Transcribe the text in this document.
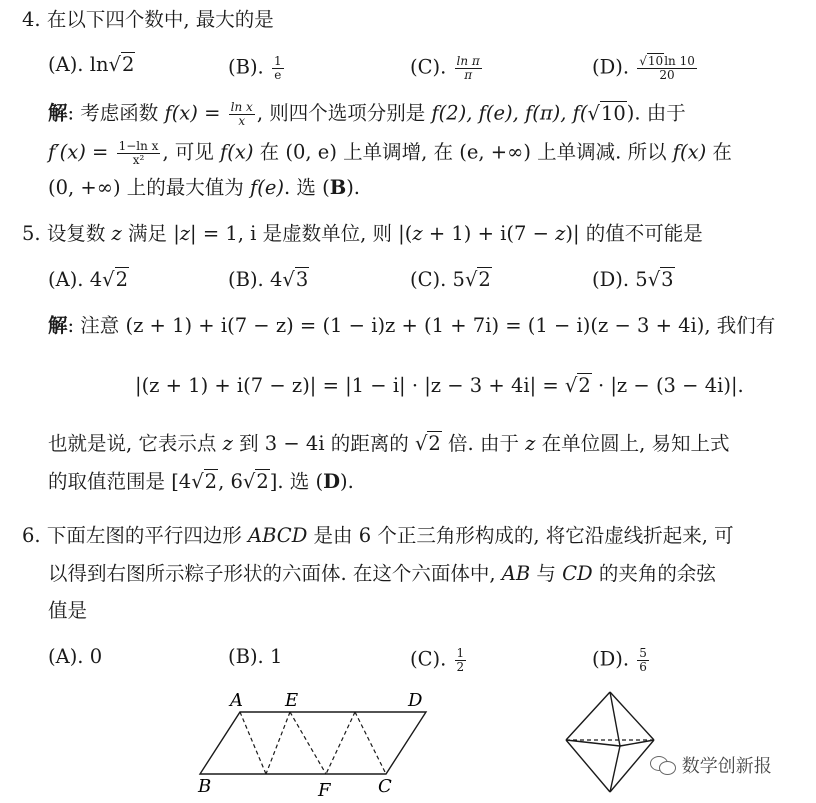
4. 在以下四个数中, 最大的是
(A). ln√2	(B). $\frac{1}{e}$	(C). $\frac{\text{ln π}}{\pi}$	(D). $\frac{√10\ln 10}{20}$
解: 考虑函数 $f(x) = \frac{\text{ln x}}{x}$ , 则四个选项分别是 f(2), f(e), f(π), f(√10). 由于
$f'(x) = \frac{\text{1−ln x}}{\text{x²}}$ , 可见 f(x) 在 (0, e) 上单调增, 在 (e, +∞) 上单调减. 所以 f(x) 在
(0, +∞) 上的最大值为 f(e). 选 (B).
5. 设复数 z 满足 |z| = 1, i 是虚数单位, 则 |(z + 1) + i(7 − z)| 的值不可能是
(A). 4√2	(B). 4√3	(C). 5√2	(D). 5√3
解: 注意 (z + 1) + i(7 − z) = (1 − i)z + (1 + 7i) = (1 − i)(z − 3 + 4i), 我们有
|(z + 1) + i(7 − z)| = |1 − i| · |z − 3 + 4i| = √2 · |z − (3 − 4i)|.
也就是说, 它表示点 z 到 3 − 4i 的距离的 √2 倍. 由于 z 在单位圆上, 易知上式
的取值范围是 [4√2, 6√2]. 选 (D).
6. 下面左图的平行四边形 ABCD 是由 6 个正三角形构成的, 将它沿虚线折起来, 可
以得到右图所示粽子形状的六面体. 在这个六面体中, AB 与 CD 的夹角的余弦
值是
(A). 0	(B). 1	(C). $\frac{1}{2}$	(D). $\frac{5}{6}$
A E	D
B	F	C
数学创新报
